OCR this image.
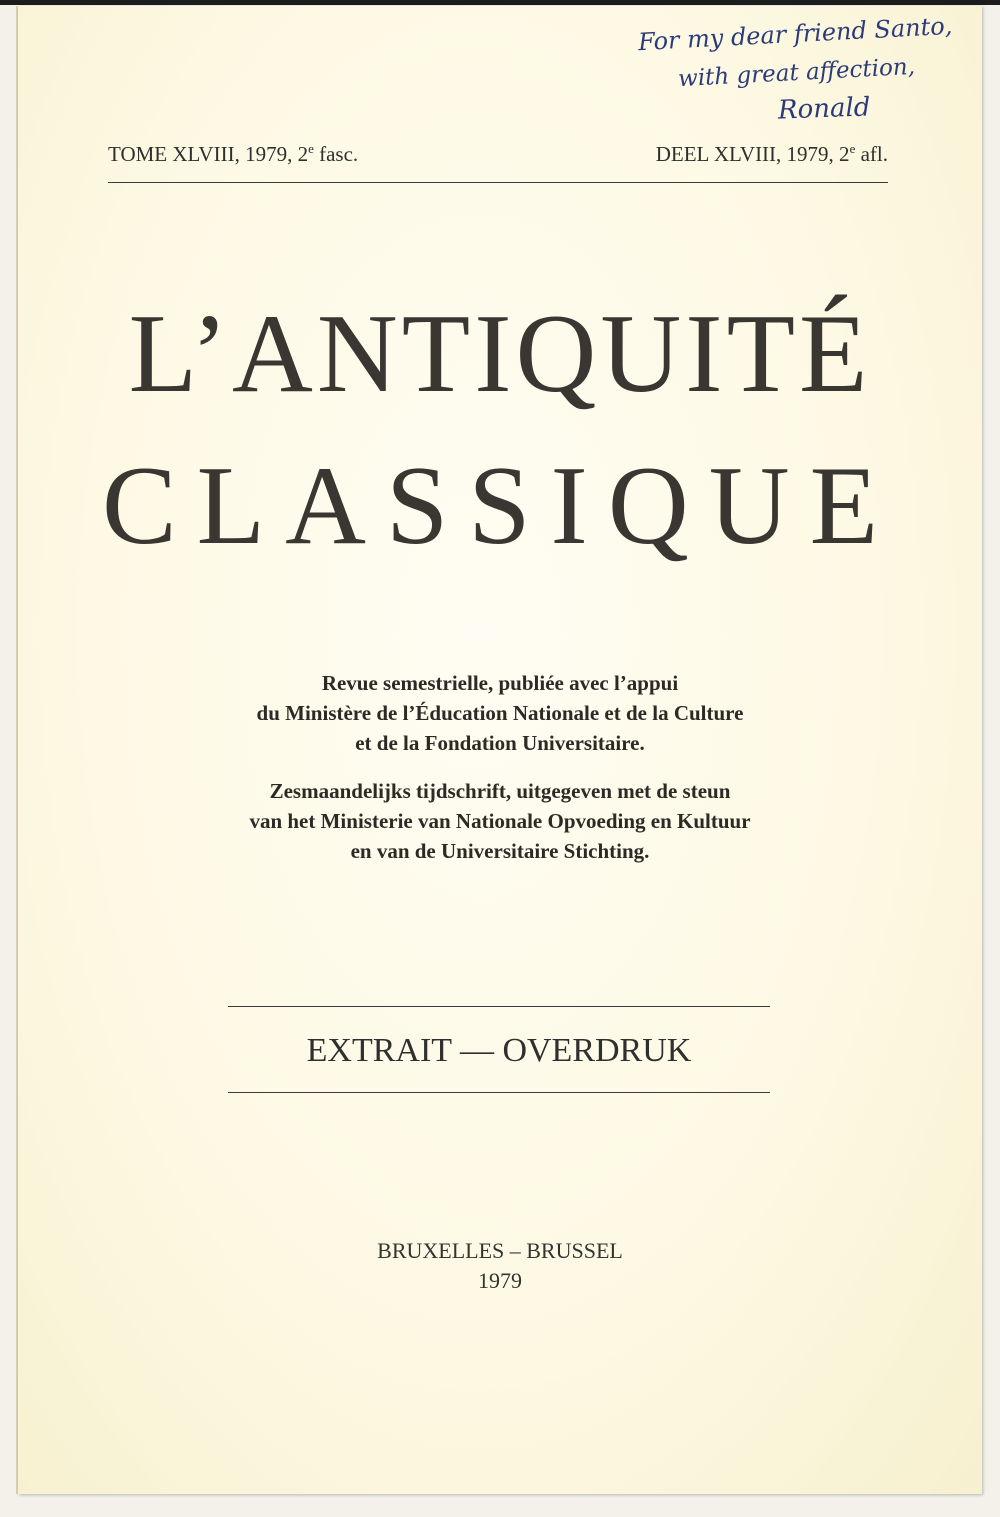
For my dear friend Santo,
with great affection,
Ronald
TOME XLVIII, 1979, 2e fasc.	DEEL XLVIII, 1979, 2e afl.
L’ANTIQUITÉ
CLASSIQUE
Revue semestrielle, publiée avec l’appui
du Ministère de l’Éducation Nationale et de la Culture
et de la Fondation Universitaire.
Zesmaandelijks tijdschrift, uitgegeven met de steun
van het Ministerie van Nationale Opvoeding en Kultuur
en van de Universitaire Stichting.
EXTRAIT — OVERDRUK
BRUXELLES – BRUSSEL
1979
